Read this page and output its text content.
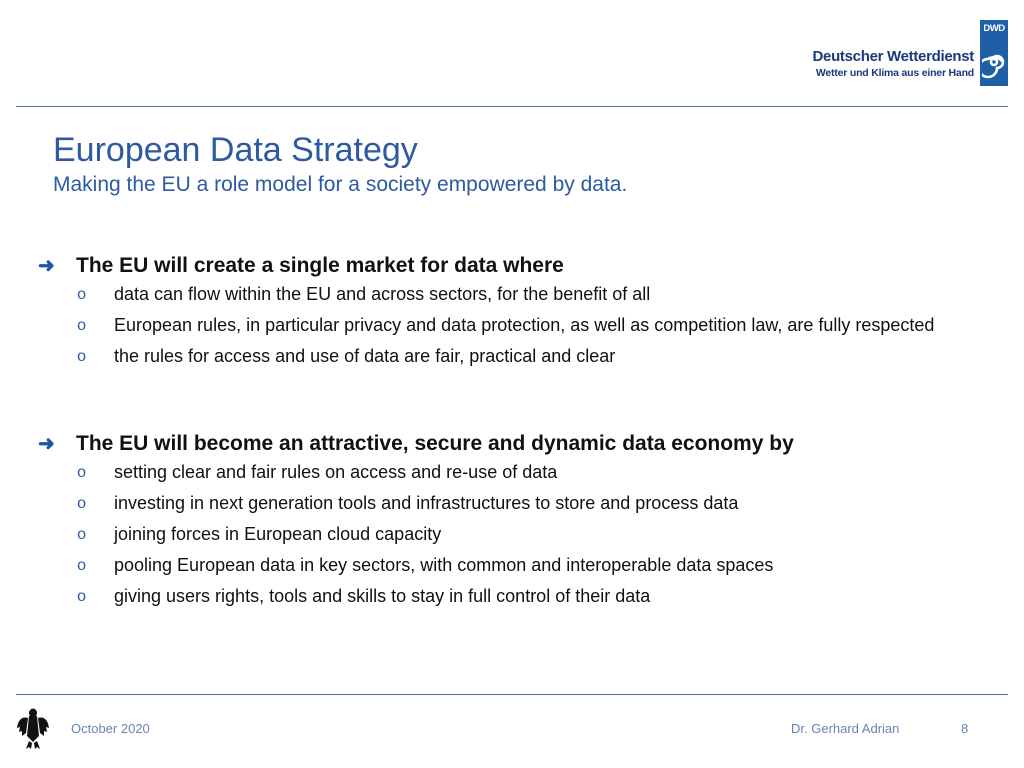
Deutscher Wetterdienst
Wetter und Klima aus einer Hand
DWD
European Data Strategy
Making the EU a role model for a society empowered by data.
➜	The EU will create a single market for data where
o	data can flow within the EU and across sectors, for the benefit of all
o	European rules, in particular privacy and data protection, as well as competition law, are fully respected
o	the rules for access and use of data are fair, practical and clear
➜	The EU will become an attractive, secure and dynamic data economy by
o	setting clear and fair rules on access and re-use of data
o	investing in next generation tools and infrastructures to store and process data
o	joining forces in European cloud capacity
o	pooling European data in key sectors, with common and interoperable data spaces
o	giving users rights, tools and skills to stay in full control of their data
October 2020	Dr. Gerhard Adrian	8
